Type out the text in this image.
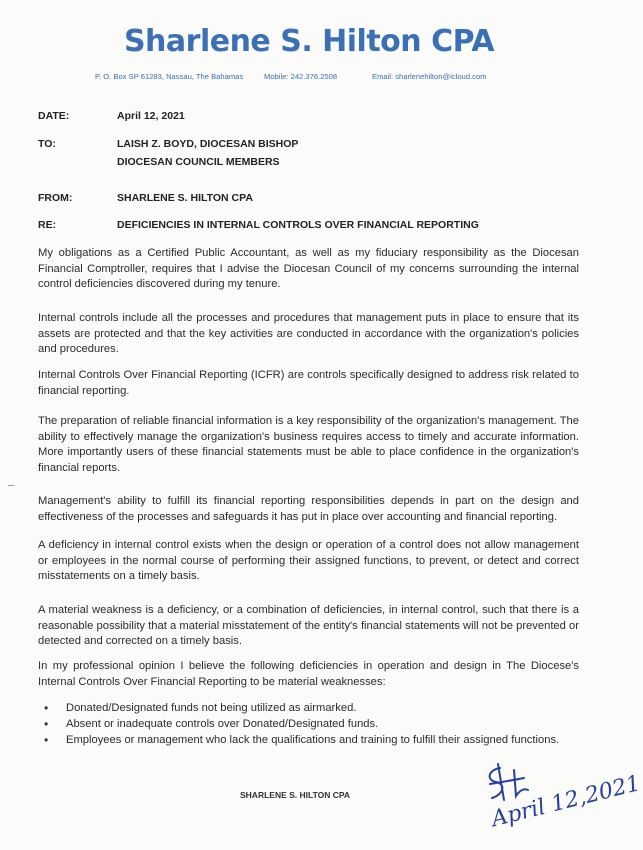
Sharlene S. Hilton CPA
P. O. Box SP 61283, Nassau, The Bahamas	Mobile: 242.376.2508	Email: sharlenehilton@icloud.com
DATE:	April 12, 2021
TO:	LAISH Z. BOYD, DIOCESAN BISHOP
DIOCESAN COUNCIL MEMBERS
FROM:	SHARLENE S. HILTON CPA
RE:	DEFICIENCIES IN INTERNAL CONTROLS OVER FINANCIAL REPORTING

My obligations as a Certified Public Accountant, as well as my fiduciary responsibility as the Diocesan Financial Comptroller, requires that I advise the Diocesan Council of my concerns surrounding the internal control deficiencies discovered during my tenure.

Internal controls include all the processes and procedures that management puts in place to ensure that its assets are protected and that the key activities are conducted in accordance with the organization's policies and procedures.

Internal Controls Over Financial Reporting (ICFR) are controls specifically designed to address risk related to financial reporting.

The preparation of reliable financial information is a key responsibility of the organization's management. The ability to effectively manage the organization's business requires access to timely and accurate information. More importantly users of these financial statements must be able to place confidence in the organization's financial reports.

Management's ability to fulfill its financial reporting responsibilities depends in part on the design and effectiveness of the processes and safeguards it has put in place over accounting and financial reporting.

A deficiency in internal control exists when the design or operation of a control does not allow management or employees in the normal course of performing their assigned functions, to prevent, or detect and correct misstatements on a timely basis.

A material weakness is a deficiency, or a combination of deficiencies, in internal control, such that there is a reasonable possibility that a material misstatement of the entity's financial statements will not be prevented or detected and corrected on a timely basis.

In my professional opinion I believe the following deficiencies in operation and design in The Diocese's Internal Controls Over Financial Reporting to be material weaknesses:

• Donated/Designated funds not being utilized as airmarked.
• Absent or inadequate controls over Donated/Designated funds.
• Employees or management who lack the qualifications and training to fulfill their assigned functions.
SHARLENE S. HILTON CPA	April 12,2021
